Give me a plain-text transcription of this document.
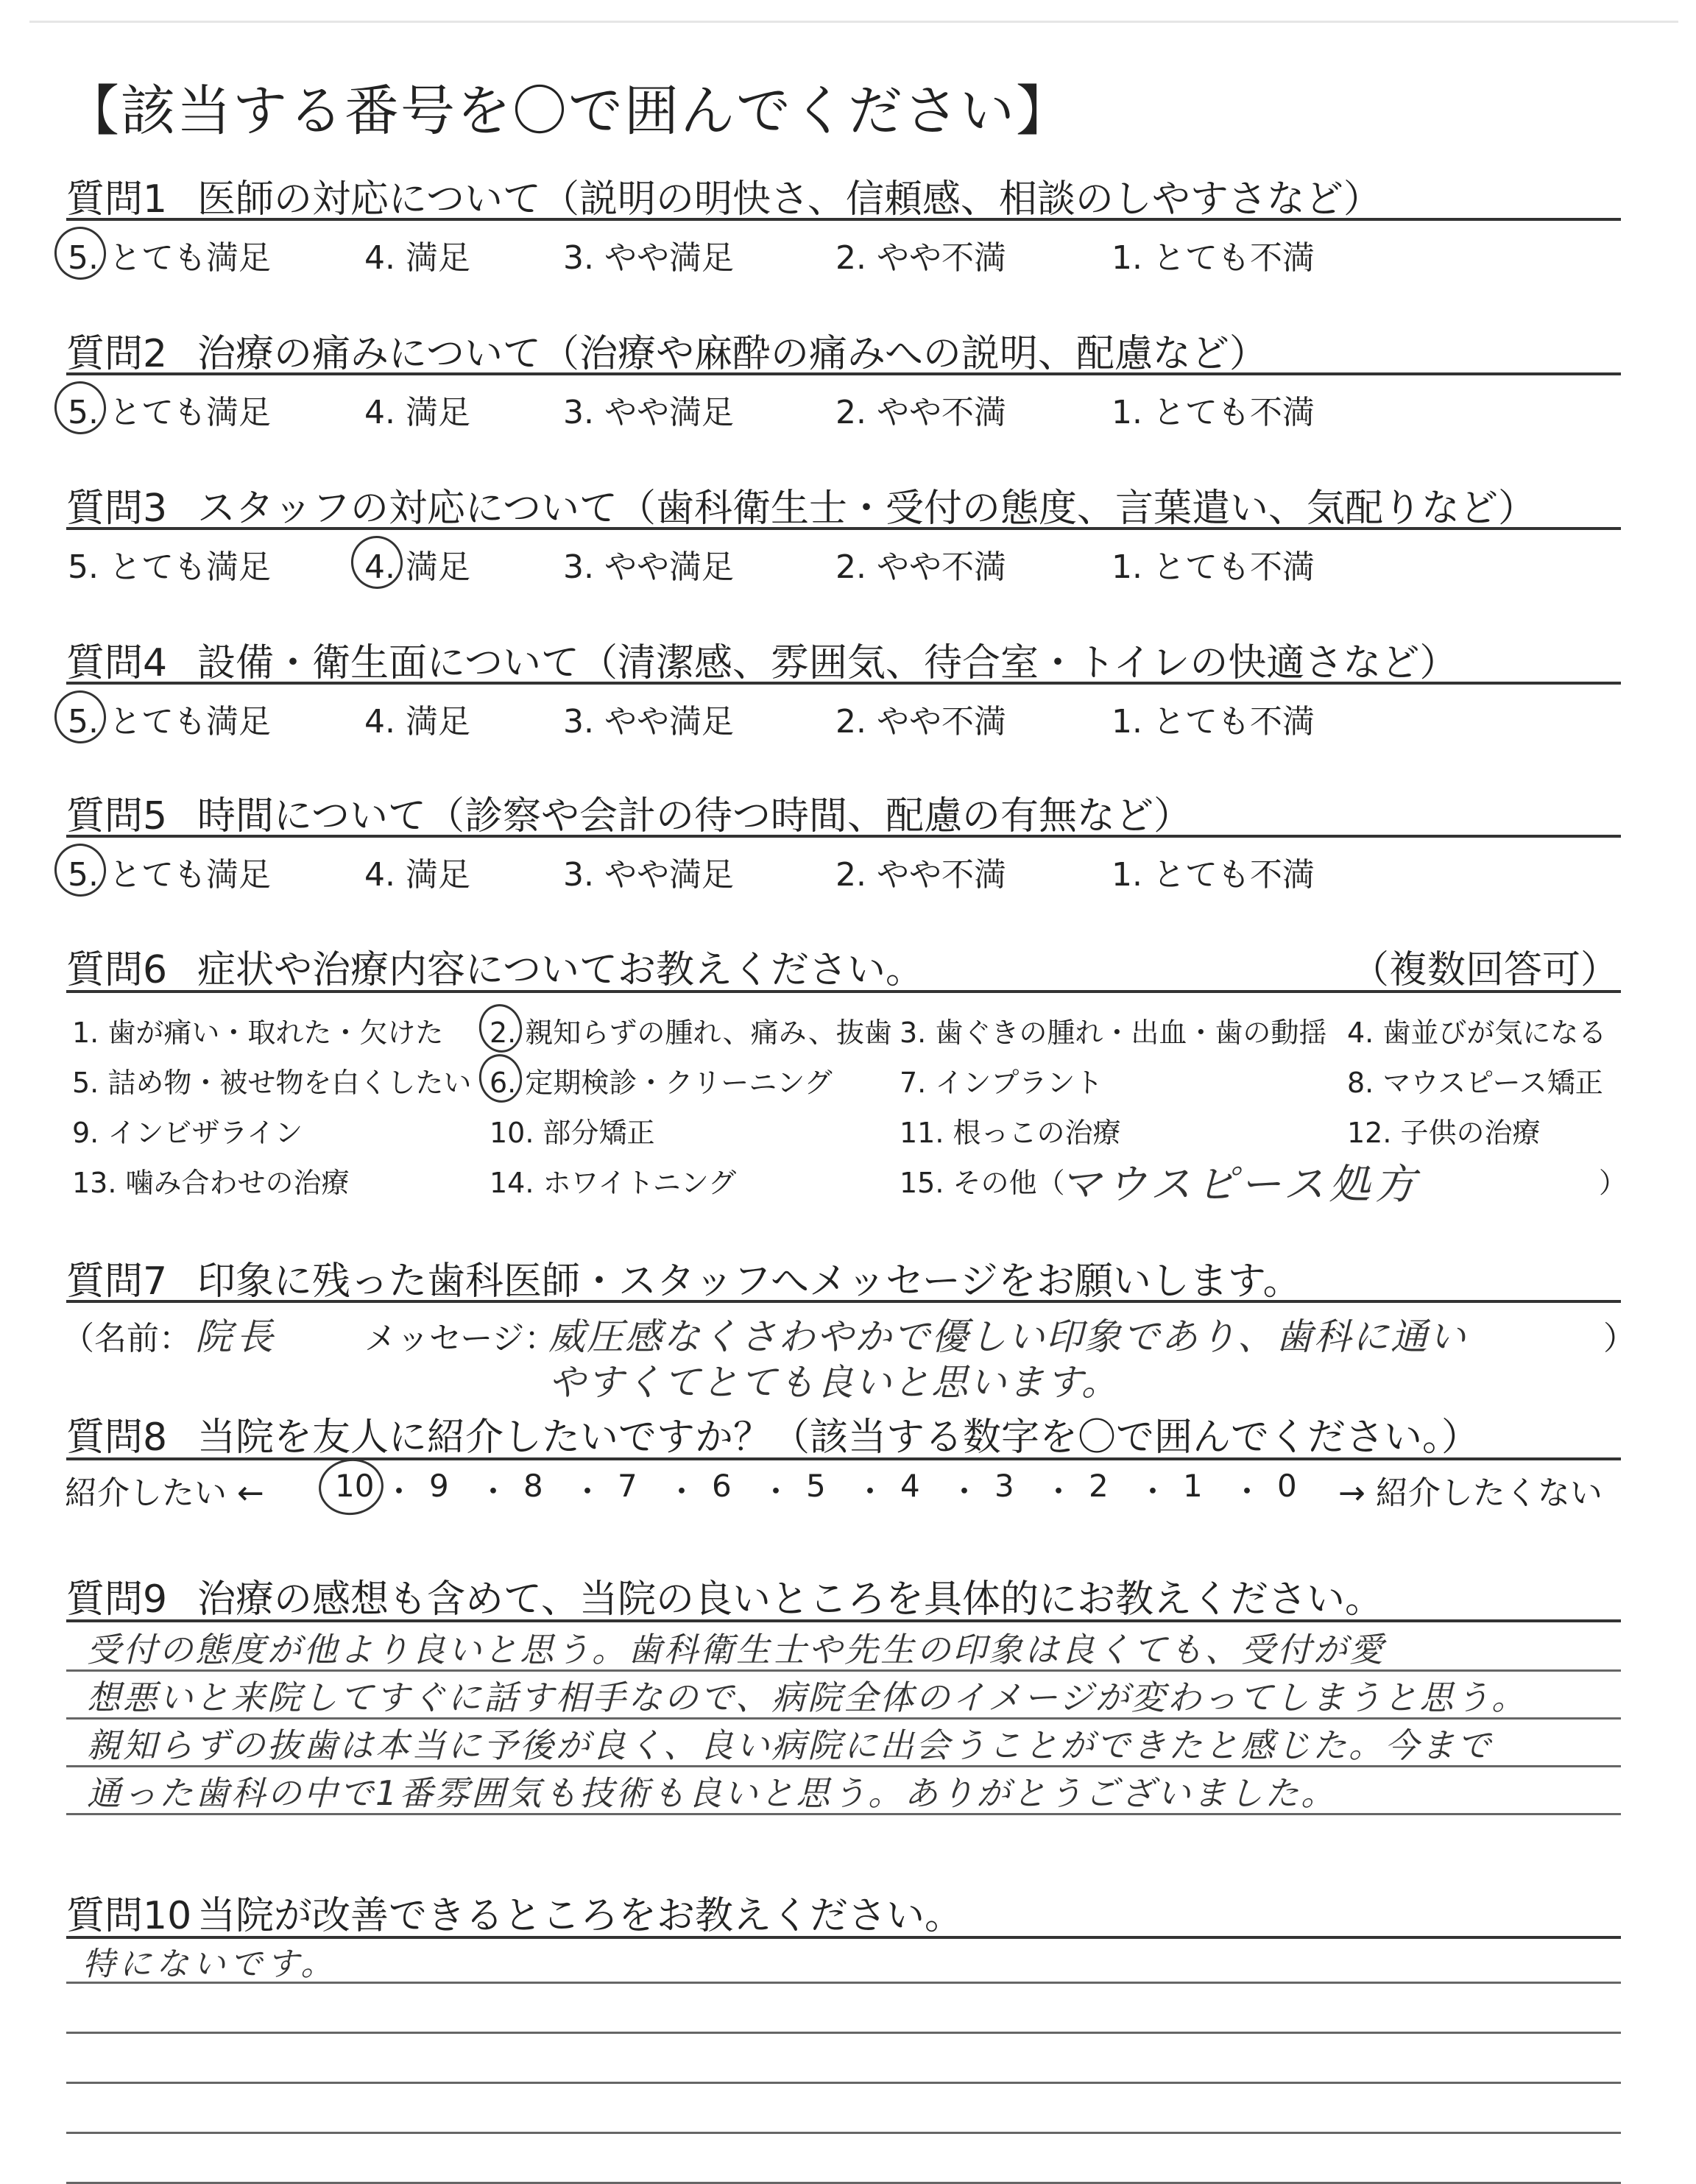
【該当する番号を〇で囲んでください】
質問6 症状や治療内容についてお教えください。	（複数回答可）
マウスピース処方
質問7 印象に残った歯科医師・スタッフへメッセージをお願いします。
（名前： 院長	メッセージ：
威圧感なくさわやかで優しい印象であり、歯科に通い
やすくてとても良いと思います。
）
質問8 当院を友人に紹介したいですか？（該当する数字を〇で囲んでください。）
紹介したい ←	→ 紹介したくない
質問9 治療の感想も含めて、当院の良いところを具体的にお教えください。
質問10 当院が改善できるところをお教えください。
質問1 医師の対応について（説明の明快さ、信頼感、相談のしやすさなど）
5. とても満足	4. 満足	3. やや満足	2. やや不満	1. とても不満
質問2 治療の痛みについて（治療や麻酔の痛みへの説明、配慮など）
5. とても満足	4. 満足	3. やや満足	2. やや不満	1. とても不満
質問3 スタッフの対応について（歯科衛生士・受付の態度、言葉遣い、気配りなど）
5. とても満足	4. 満足	3. やや満足	2. やや不満	1. とても不満
質問4 設備・衛生面について（清潔感、雰囲気、待合室・トイレの快適さなど）
5. とても満足	4. 満足	3. やや満足	2. やや不満	1. とても不満
質問5 時間について（診察や会計の待つ時間、配慮の有無など）
5. とても満足	4. 満足	3. やや満足	2. やや不満	1. とても不満
1. 歯が痛い・取れた・欠けた 2. 親知らずの腫れ、痛み、抜歯 3. 歯ぐきの腫れ・出血・歯の動揺 4. 歯並びが気になる
5. 詰め物・被せ物を白くしたい 6. 定期検診・クリーニング 7. インプラント	8. マウスピース矯正
9. インビザライン	10. 部分矯正	11. 根っこの治療	12. 子供の治療
13. 噛み合わせの治療	14. ホワイトニング	15. その他（	）
10 ・ 9 ・ 8 ・ 7 ・ 6 ・ 5 ・ 4 ・ 3 ・ 2 ・ 1 ・ 0
受付の態度が他より良いと思う。歯科衛生士や先生の印象は良くても、受付が愛
想悪いと来院してすぐに話す相手なので、病院全体のイメージが変わってしまうと思う。
親知らずの抜歯は本当に予後が良く、良い病院に出会うことができたと感じた。今まで
通った歯科の中で1番雰囲気も技術も良いと思う。ありがとうございました。
特にないです。
